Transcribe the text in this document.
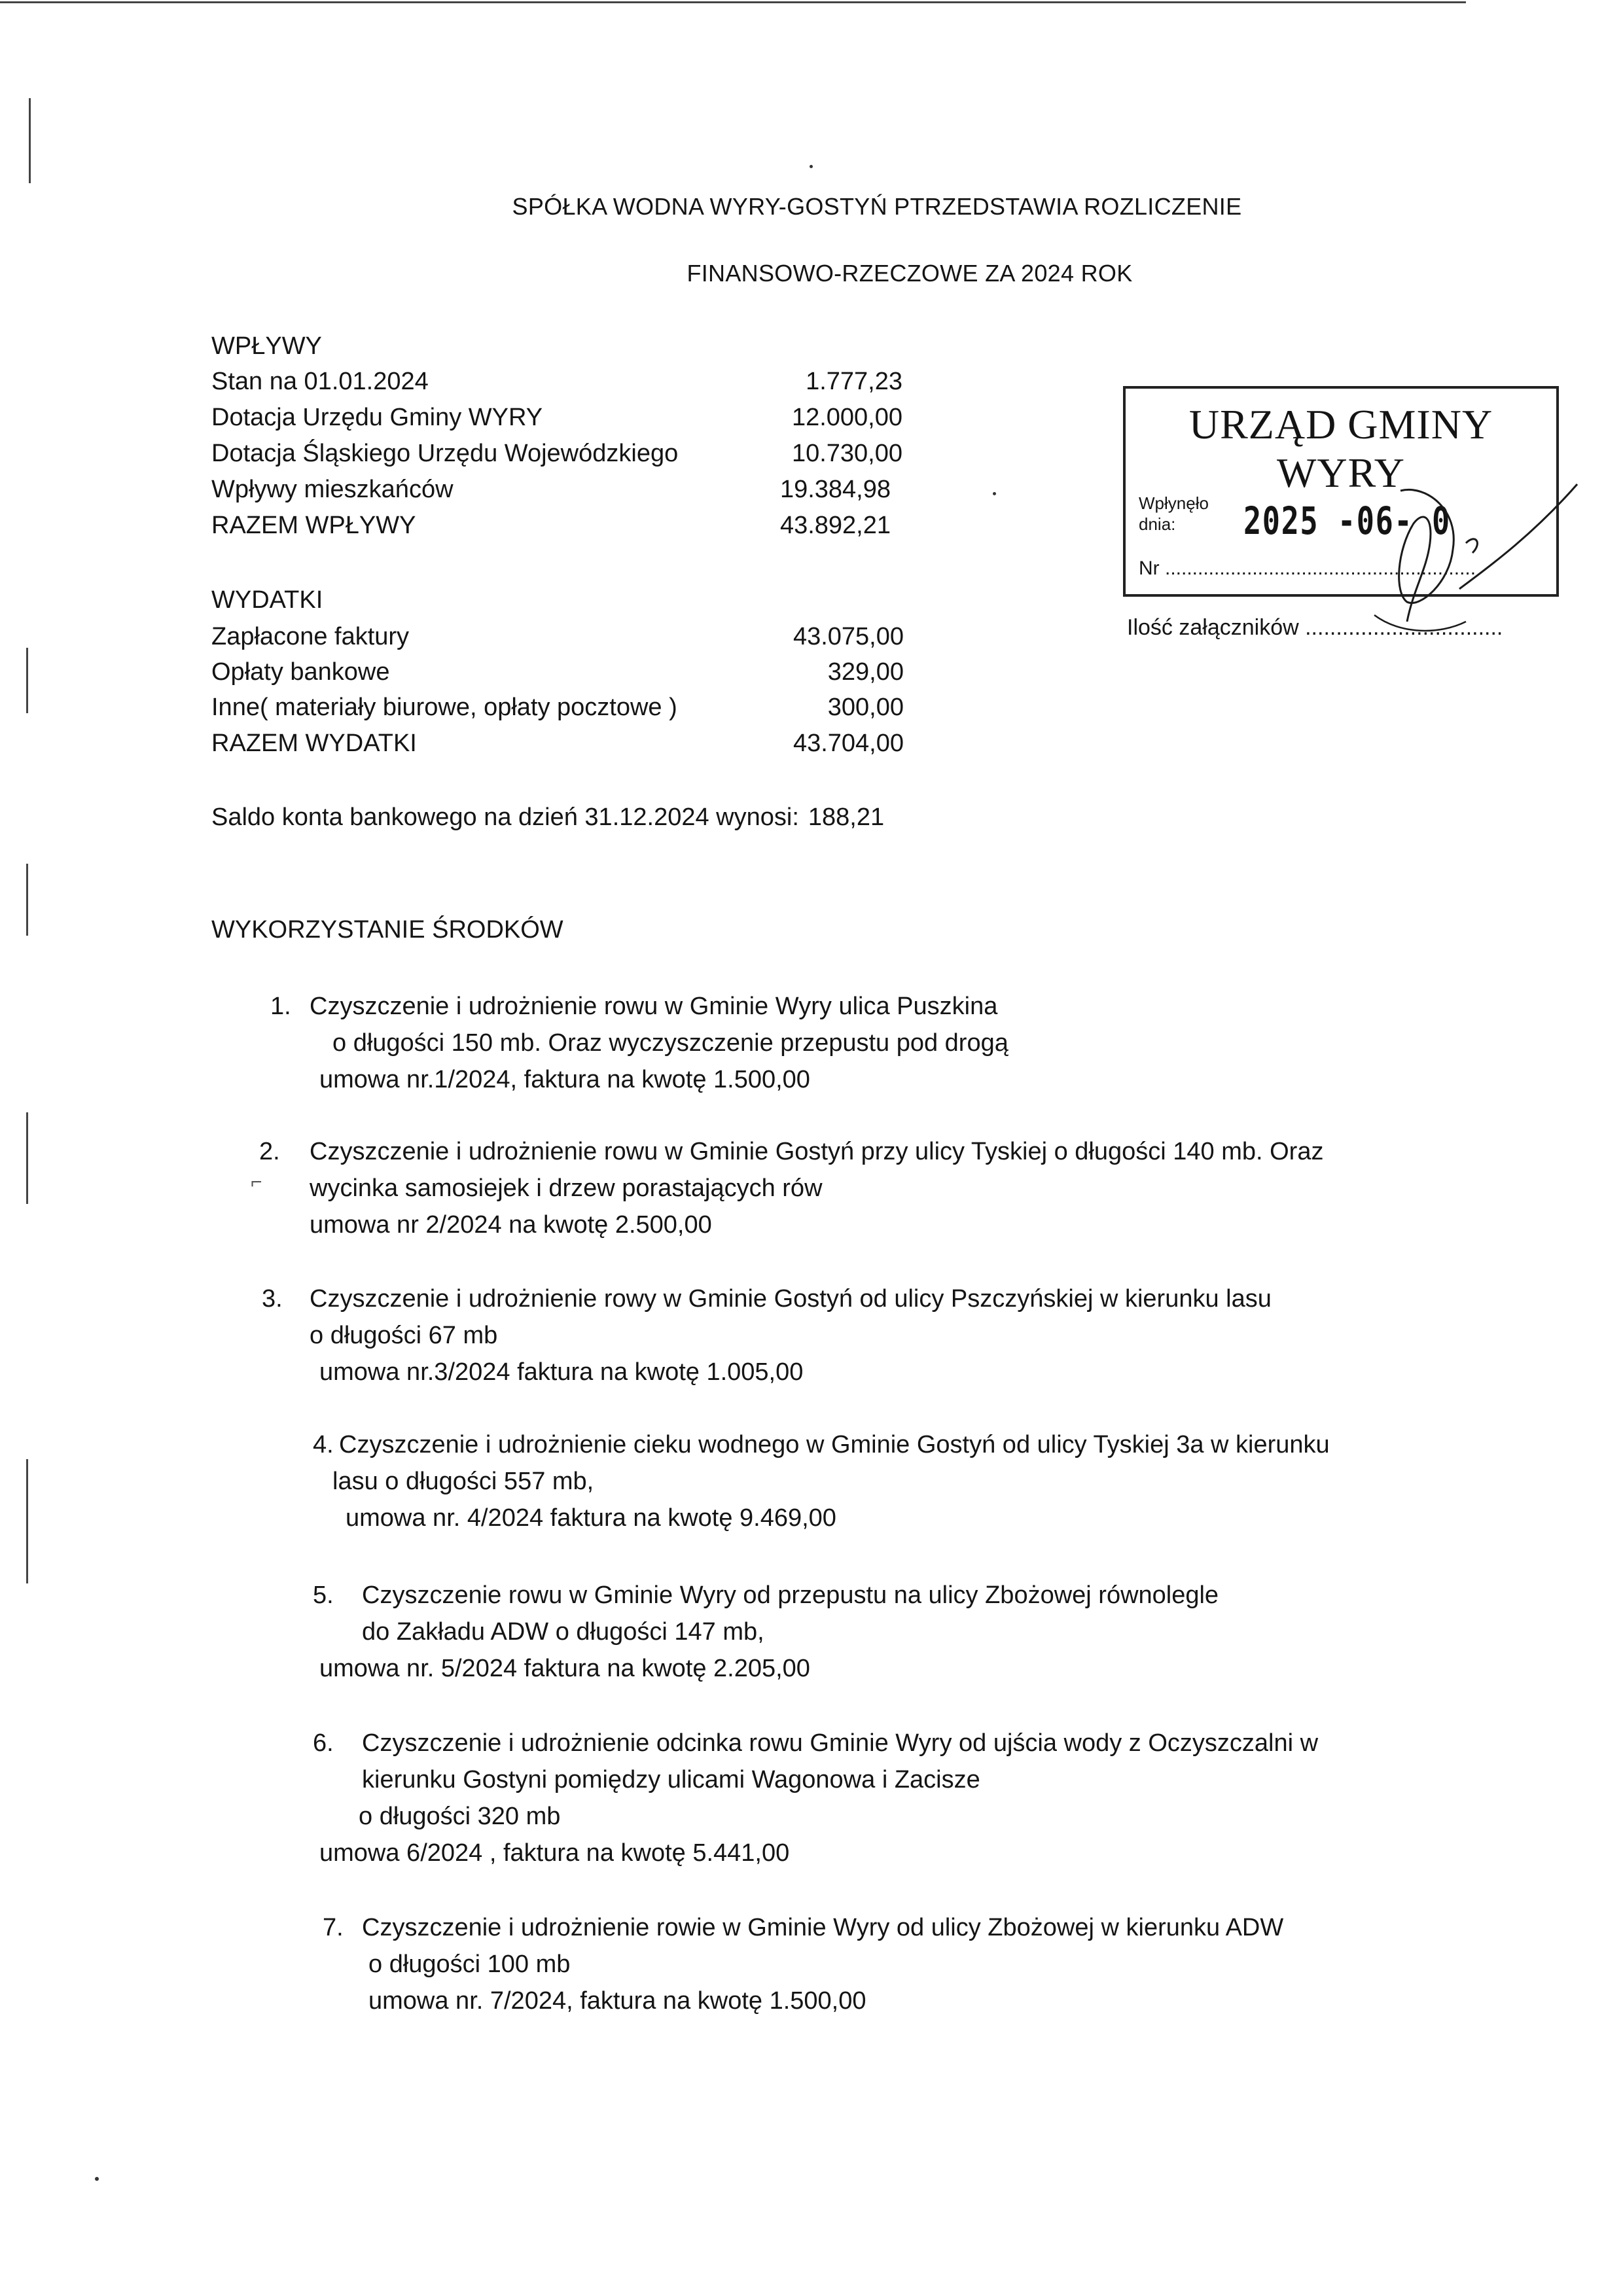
SPÓŁKA WODNA WYRY-GOSTYŃ PTRZEDSTAWIA ROZLICZENIE
FINANSOWO-RZECZOWE ZA 2024 ROK
WPŁYWY
Stan na 01.01.2024	1.777,23
Dotacja Urzędu Gminy WYRY	12.000,00
Dotacja Śląskiego Urzędu Wojewódzkiego	10.730,00
Wpływy mieszkańców	19.384,98
RAZEM WPŁYWY	43.892,21
WYDATKI
Zapłacone faktury	43.075,00
Opłaty bankowe	329,00
Inne( materiały biurowe, opłaty pocztowe )	300,00
RAZEM WYDATKI	43.704,00
Saldo konta bankowego na dzień 31.12.2024 wynosi: 188,21
WYKORZYSTANIE ŚRODKÓW
1. Czyszczenie i udrożnienie rowu w Gminie Wyry ulica Puszkina
o długości 150 mb. Oraz wyczyszczenie przepustu pod drogą
umowa nr.1/2024, faktura na kwotę 1.500,00
2. Czyszczenie i udrożnienie rowu w Gminie Gostyń przy ulicy Tyskiej o długości 140 mb. Oraz
wycinka samosiejek i drzew porastających rów
umowa nr 2/2024 na kwotę 2.500,00
3. Czyszczenie i udrożnienie rowy w Gminie Gostyń od ulicy Pszczyńskiej w kierunku lasu
o długości 67 mb
umowa nr.3/2024 faktura na kwotę 1.005,00
4. Czyszczenie i udrożnienie cieku wodnego w Gminie Gostyń od ulicy Tyskiej 3a w kierunku
lasu o długości 557 mb,
umowa nr. 4/2024 faktura na kwotę 9.469,00
5. Czyszczenie rowu w Gminie Wyry od przepustu na ulicy Zbożowej równolegle
do Zakładu ADW o długości 147 mb,
umowa nr. 5/2024 faktura na kwotę 2.205,00
6. Czyszczenie i udrożnienie odcinka rowu Gminie Wyry od ujścia wody z Oczyszczalni w
kierunku Gostyni pomiędzy ulicami Wagonowa i Zacisze
o długości 320 mb
umowa 6/2024 , faktura na kwotę 5.441,00
7. Czyszczenie i udrożnienie rowie w Gminie Wyry od ulicy Zbożowej w kierunku ADW
o długości 100 mb
umowa nr. 7/2024, faktura na kwotę 1.500,00
URZĄD GMINY WYRY
Wpłynęło
dnia: 2025 -06- 0
Nr .........................................................
Ilość załączników ................................
⌐
